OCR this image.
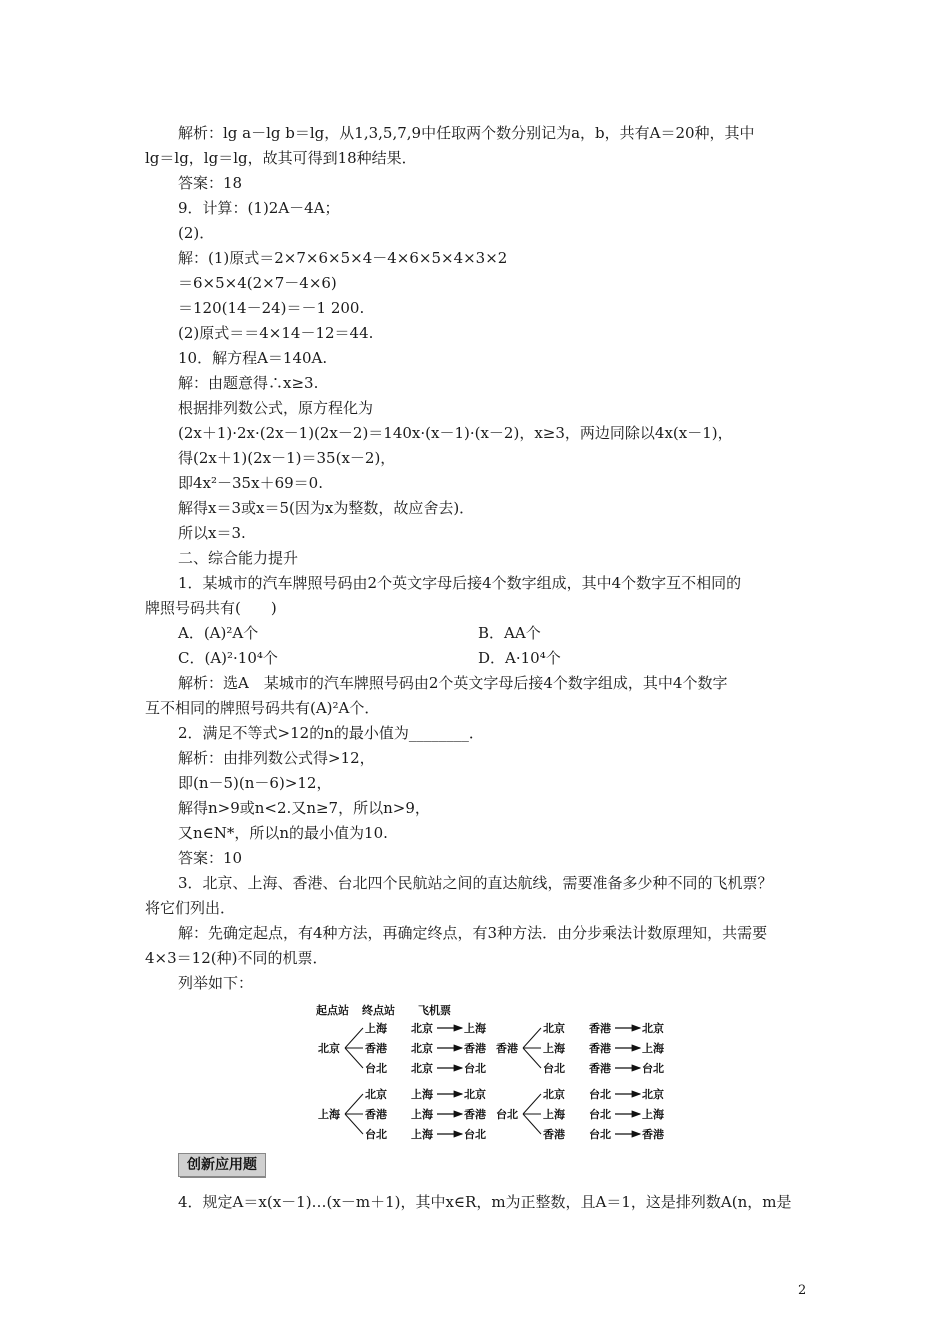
解析：lg a－lg b＝lg，从1,3,5,7,9中任取两个数分别记为a，b，共有A＝20种，其中
lg＝lg，lg＝lg，故其可得到18种结果．
答案：18
9．计算：(1)2A－4A；
(2)．
解：(1)原式＝2×7×6×5×4－4×6×5×4×3×2
＝6×5×4(2×7－4×6)
＝120(14－24)＝－1 200.
(2)原式＝＝4×14－12＝44.
10．解方程A＝140A.
解：由题意得∴x≥3.
根据排列数公式，原方程化为
(2x＋1)·2x·(2x－1)(2x－2)＝140x·(x－1)·(x－2)，x≥3，两边同除以4x(x－1)，
得(2x＋1)(2x－1)＝35(x－2)，
即4x²－35x＋69＝0.
解得x＝3或x＝5(因为x为整数，故应舍去)．
所以x＝3.
二、综合能力提升
1．某城市的汽车牌照号码由2个英文字母后接4个数字组成，其中4个数字互不相同的
牌照号码共有(　　)
A．(A)²A个	B．AA个
C．(A)²·10⁴个	D．A·10⁴个
解析：选A　某城市的汽车牌照号码由2个英文字母后接4个数字组成，其中4个数字
互不相同的牌照号码共有(A)²A个．
2．满足不等式>12的n的最小值为________．
解析：由排列数公式得>12，
即(n－5)(n－6)>12，
解得n>9或n<2.又n≥7，所以n>9，
又n∈N*，所以n的最小值为10.
答案：10
3．北京、上海、香港、台北四个民航站之间的直达航线，需要准备多少种不同的飞机票？
将它们列出．
解：先确定起点，有4种方法，再确定终点，有3种方法．由分步乘法计数原理知，共需要
4×3＝12(种)不同的机票．
列举如下：
起点站 终点站 飞机票
北京
上海 北京	上海
香港 北京	香港
台北 北京	台北
香港
北京 香港	北京
上海 香港	上海
台北 香港	台北
上海
北京 上海	北京
香港 上海	香港
台北 上海	台北
台北
北京 台北	北京
上海 台北	上海
香港 台北	香港
创新应用题
4．规定A＝x(x－1)…(x－m＋1)，其中x∈R，m为正整数，且A＝1，这是排列数A(n，m是
2
